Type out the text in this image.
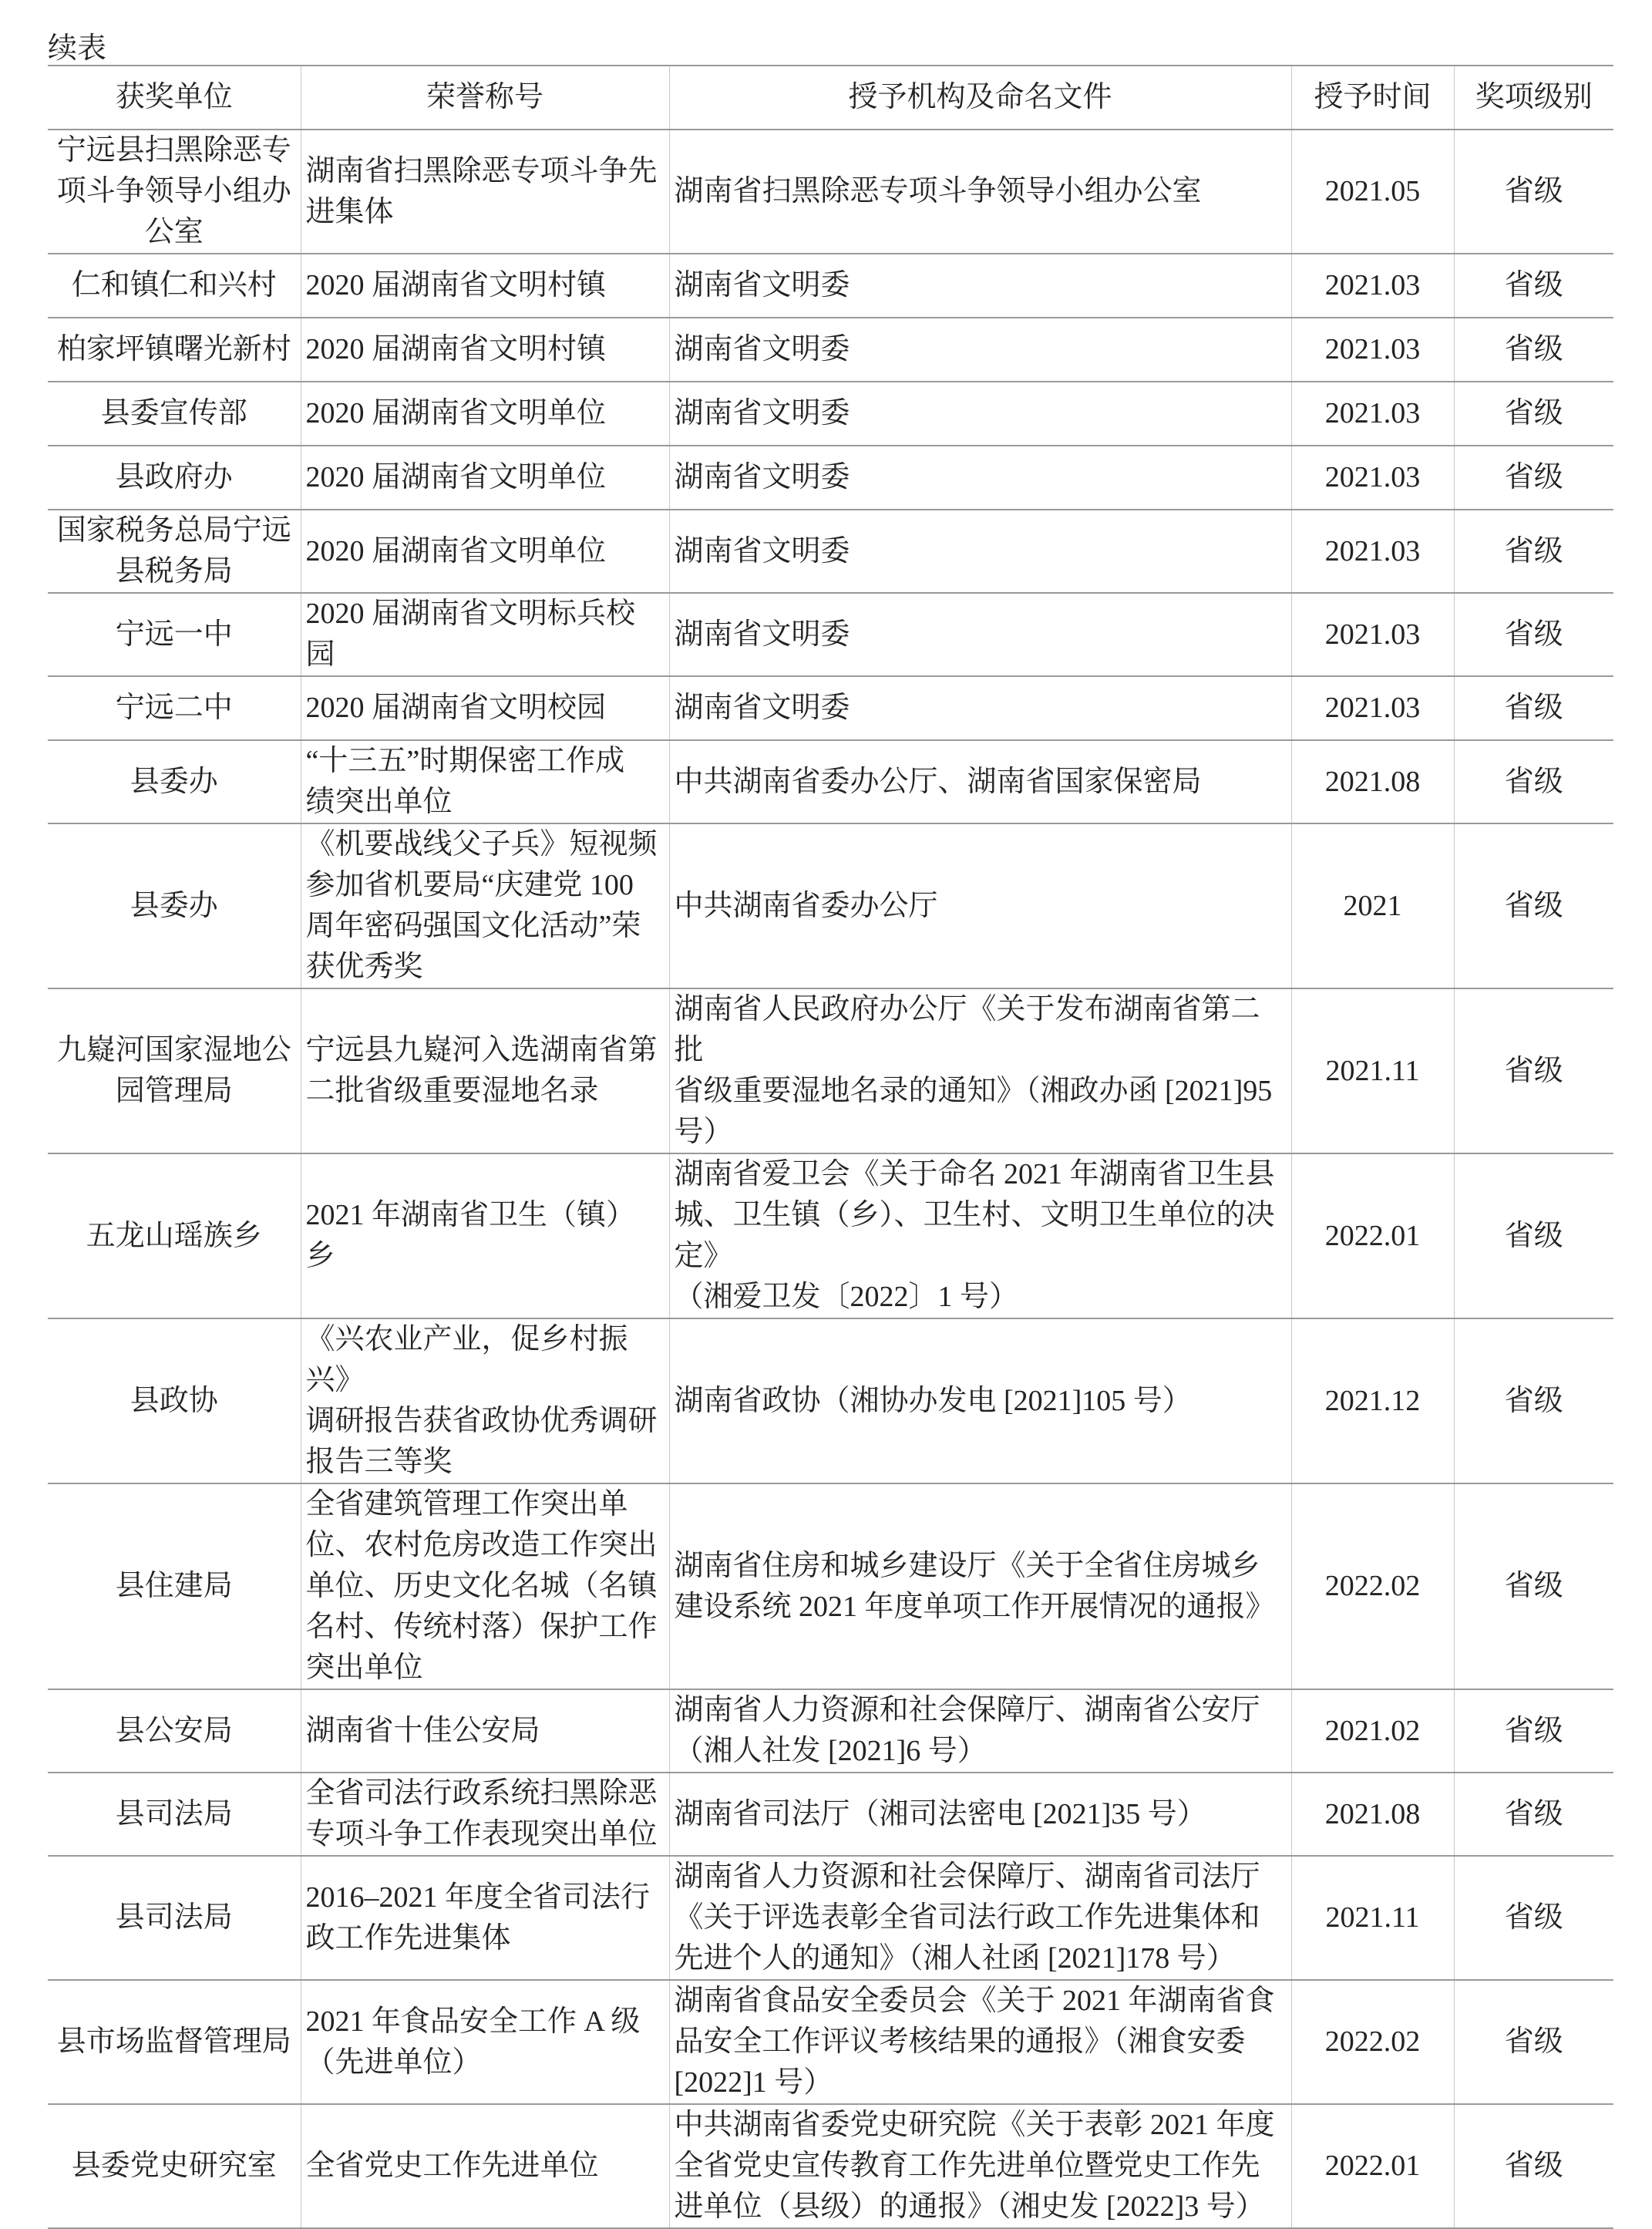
续表
获奖单位	荣誉称号	授予机构及命名文件	授予时间	奖项级别
宁远县扫黑除恶专
项斗争领导小组办
公室	湖南省扫黑除恶专项斗争先
进集体	湖南省扫黑除恶专项斗争领导小组办公室	2021.05	省级
仁和镇仁和兴村	2020 届湖南省文明村镇	湖南省文明委	2021.03	省级
柏家坪镇曙光新村	2020 届湖南省文明村镇	湖南省文明委	2021.03	省级
县委宣传部	2020 届湖南省文明单位	湖南省文明委	2021.03	省级
县政府办	2020 届湖南省文明单位	湖南省文明委	2021.03	省级
国家税务总局宁远
县税务局	2020 届湖南省文明单位	湖南省文明委	2021.03	省级
宁远一中	2020 届湖南省文明标兵校园	湖南省文明委	2021.03	省级
宁远二中	2020 届湖南省文明校园	湖南省文明委	2021.03	省级
县委办	“十三五”时期保密工作成
绩突出单位	中共湖南省委办公厅、湖南省国家保密局	2021.08	省级
县委办	《机要战线父子兵》短视频
参加省机要局“庆建党 100
周年密码强国文化活动”荣
获优秀奖	中共湖南省委办公厅	2021	省级
九嶷河国家湿地公
园管理局	宁远县九嶷河入选湖南省第
二批省级重要湿地名录	湖南省人民政府办公厅《关于发布湖南省第二批
省级重要湿地名录的通知》（湘政办函 [2021]95
号）	2021.11	省级
五龙山瑶族乡	2021 年湖南省卫生（镇）乡	湖南省爱卫会《关于命名 2021 年湖南省卫生县
城、卫生镇（乡）、卫生村、文明卫生单位的决定》
（湘爱卫发〔2022〕1 号）	2022.01	省级
县政协	《兴农业产业，促乡村振兴》
调研报告获省政协优秀调研
报告三等奖	湖南省政协（湘协办发电 [2021]105 号）	2021.12	省级
县住建局	全省建筑管理工作突出单
位、农村危房改造工作突出
单位、历史文化名城（名镇
名村、传统村落）保护工作
突出单位	湖南省住房和城乡建设厅《关于全省住房城乡
建设系统 2021 年度单项工作开展情况的通报》	2022.02	省级
县公安局	湖南省十佳公安局	湖南省人力资源和社会保障厅、湖南省公安厅
（湘人社发 [2021]6 号）	2021.02	省级
县司法局	全省司法行政系统扫黑除恶
专项斗争工作表现突出单位	湖南省司法厅（湘司法密电 [2021]35 号）	2021.08	省级
县司法局	2016–2021 年度全省司法行
政工作先进集体	湖南省人力资源和社会保障厅、湖南省司法厅
《关于评选表彰全省司法行政工作先进集体和
先进个人的通知》（湘人社函 [2021]178 号）	2021.11	省级
县市场监督管理局	2021 年食品安全工作 A 级
（先进单位）	湖南省食品安全委员会《关于 2021 年湖南省食
品安全工作评议考核结果的通报》（湘食安委
[2022]1 号）	2022.02	省级
县委党史研究室	全省党史工作先进单位	中共湖南省委党史研究院《关于表彰 2021 年度
全省党史宣传教育工作先进单位暨党史工作先
进单位（县级）的通报》（湘史发 [2022]3 号）	2022.01	省级
